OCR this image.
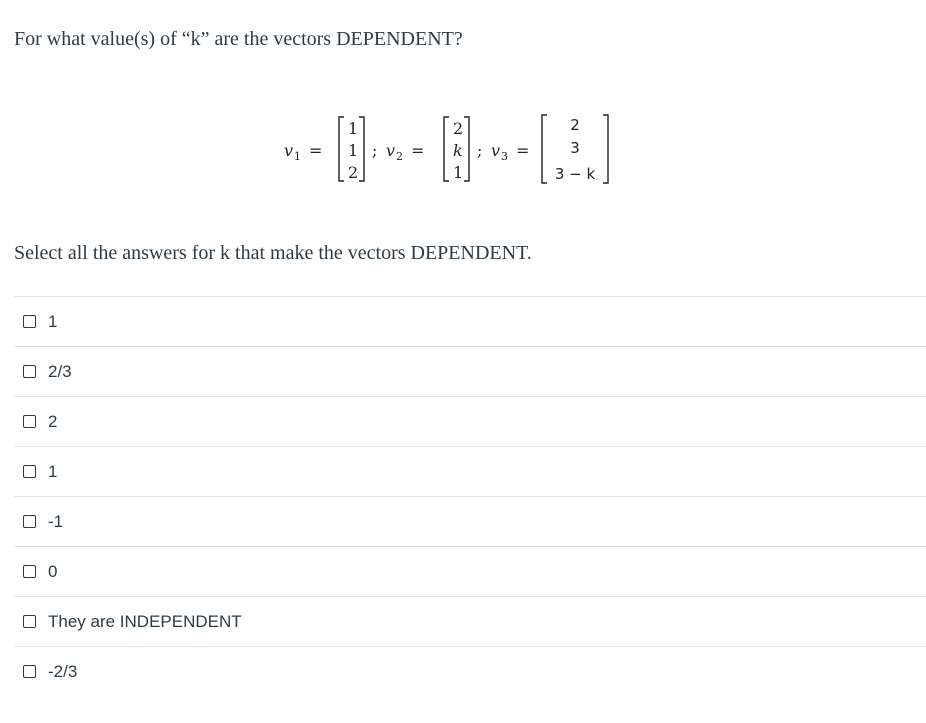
For what value(s) of “k” are the vectors DEPENDENT?
v 1 =
1
1
2
; v 2 =
2
k
1
; v 3 =
2
3
3 − k
Select all the answers for k that make the vectors DEPENDENT.
1
2/3
2
1
-1
0
They are INDEPENDENT
-2/3
